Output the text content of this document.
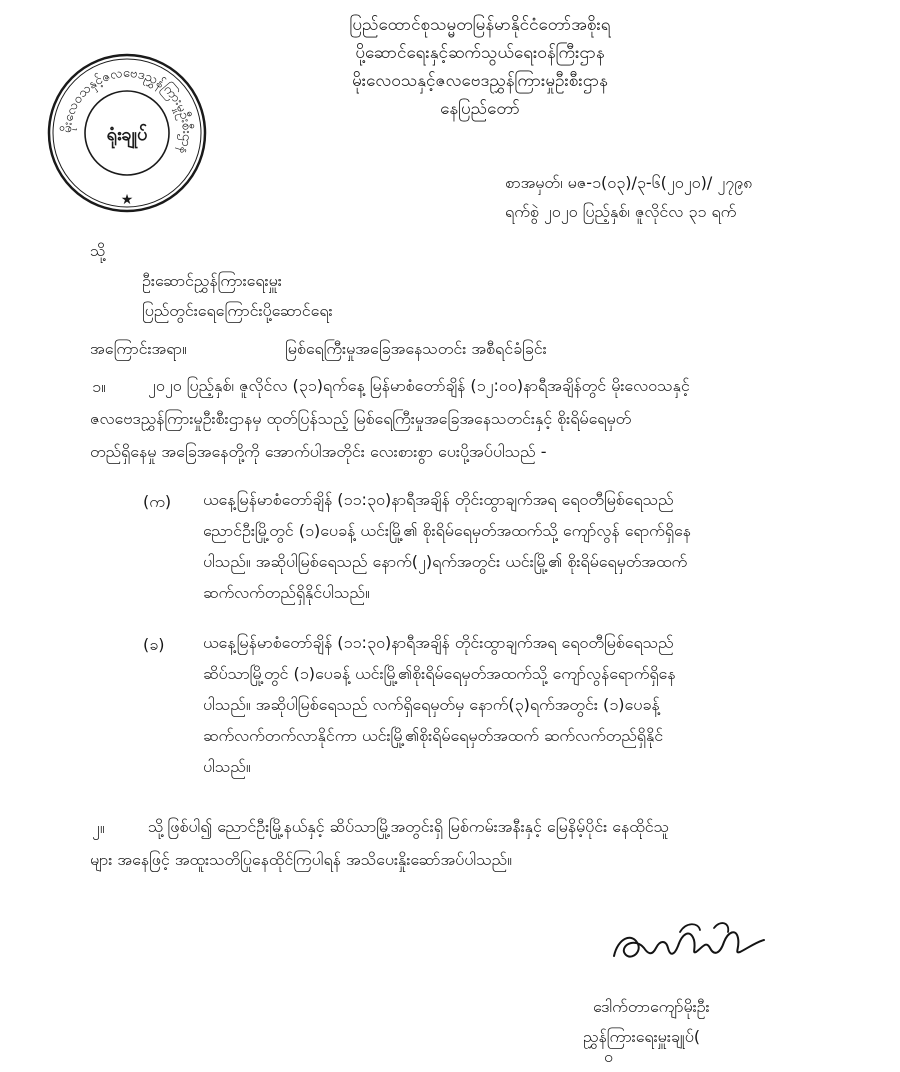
မိုးလေဝသနှင့်ဇလဗေဒညွှန်ကြားမှုဦးစီးဌာန
ရုံးချုပ်
★
ပြည်ထောင်စုသမ္မတမြန်မာနိုင်ငံတော်အစိုးရ
ပို့ဆောင်ရေးနှင့်ဆက်သွယ်ရေးဝန်ကြီးဌာန
မိုးလေဝသနှင့်ဇလဗေဒညွှန်ကြားမှုဦးစီးဌာန
နေပြည်တော်
စာအမှတ်၊ မဇ-၁(၀၃)/၃-၆(၂၀၂၀)/ ၂၇၉၈
ရက်စွဲ ၂၀၂၀ ပြည့်နှစ်၊ ဇူလိုင်လ ၃၁ ရက်
သို့
ဦးဆောင်ညွှန်ကြားရေးမှူး
ပြည်တွင်းရေကြောင်းပို့ဆောင်ရေး
အကြောင်းအရာ။	မြစ်ရေကြီးမှုအခြေအနေသတင်း အစီရင်ခံခြင်း
၁။	၂၀၂၀ ပြည့်နှစ်၊ ဇူလိုင်လ (၃၁)ရက်နေ့ မြန်မာစံတော်ချိန် (၁၂:၀၀)နာရီအချိန်တွင် မိုးလေဝသနှင့်
ဇလဗေဒညွှန်ကြားမှုဦးစီးဌာနမှ ထုတ်ပြန်သည့် မြစ်ရေကြီးမှုအခြေအနေသတင်းနှင့် စိုးရိမ်ရေမှတ်
တည်ရှိနေမှု အခြေအနေတို့ကို အောက်ပါအတိုင်း လေးစားစွာ ပေးပို့အပ်ပါသည် -
(က) ယနေ့မြန်မာစံတော်ချိန် (၁၁:၃၀)နာရီအချိန် တိုင်းထွာချက်အရ ရေဝတီမြစ်ရေသည်
ညောင်ဦးမြို့တွင် (၁)ပေခန့် ယင်းမြို့၏ စိုးရိမ်ရေမှတ်အထက်သို့ ကျော်လွန် ရောက်ရှိနေ
ပါသည်။ အဆိုပါမြစ်ရေသည် နောက်(၂)ရက်အတွင်း ယင်းမြို့၏ စိုးရိမ်ရေမှတ်အထက်
ဆက်လက်တည်ရှိနိုင်ပါသည်။
(ခ) ယနေ့မြန်မာစံတော်ချိန် (၁၁:၃၀)နာရီအချိန် တိုင်းထွာချက်အရ ရေဝတီမြစ်ရေသည်
ဆိပ်သာမြို့တွင် (၁)ပေခန့် ယင်းမြို့၏စိုးရိမ်ရေမှတ်အထက်သို့ ကျော်လွန်ရောက်ရှိနေ
ပါသည်။ အဆိုပါမြစ်ရေသည် လက်ရှိရေမှတ်မှ နောက်(၃)ရက်အတွင်း (၁)ပေခန့်
ဆက်လက်တက်လာနိုင်ကာ ယင်းမြို့၏စိုးရိမ်ရေမှတ်အထက် ဆက်လက်တည်ရှိနိုင်
ပါသည်။
၂။	သို့ဖြစ်ပါ၍ ညောင်ဦးမြို့နယ်နှင့် ဆိပ်သာမြို့အတွင်းရှိ မြစ်ကမ်းအနီးနှင့် မြေနိမ့်ပိုင်း နေထိုင်သူ
များ အနေဖြင့် အထူးသတိပြုနေထိုင်ကြပါရန် အသိပေးနှိုးဆော်အပ်ပါသည်။
ဒေါက်တာကျော်မိုးဦး
ညွှန်ကြားရေးမှူးချုပ်(
ဝ
